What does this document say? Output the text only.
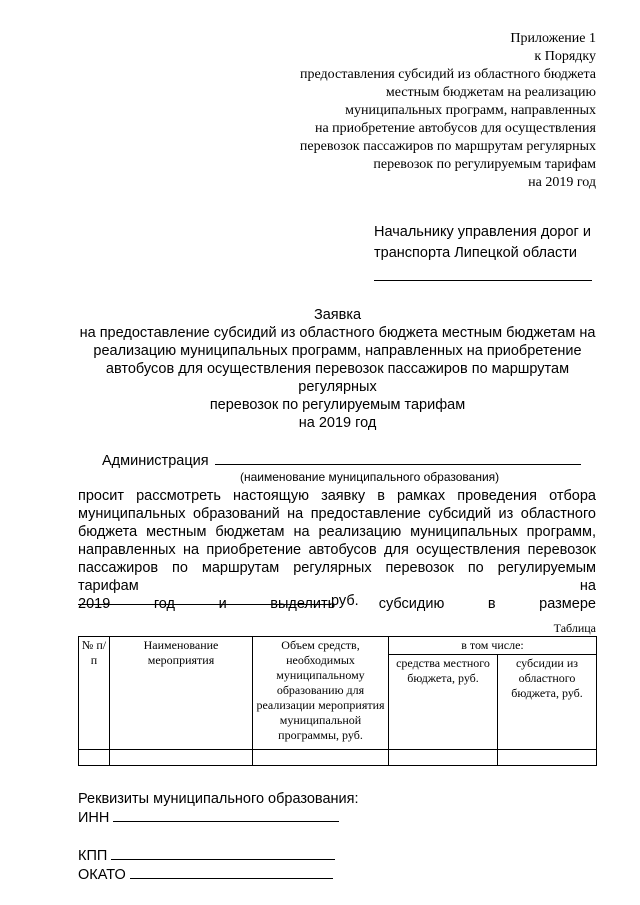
Приложение 1
к Порядку
предоставления субсидий из областного бюджета
местным бюджетам на реализацию
муниципальных программ, направленных
на приобретение автобусов для осуществления
перевозок пассажиров по маршрутам регулярных
перевозок по регулируемым тарифам
на 2019 год
Начальнику управления дорог и
транспорта Липецкой области
Заявка
на предоставление субсидий из областного бюджета местным бюджетам на
реализацию муниципальных программ, направленных на приобретение
автобусов для осуществления перевозок пассажиров по маршрутам регулярных
перевозок по регулируемым тарифам
на 2019 год
Администрация
(наименование муниципального образования)
просит рассмотреть настоящую заявку в рамках проведения отбора
муниципальных образований на предоставление субсидий из областного
бюджета местным бюджетам на реализацию муниципальных программ,
направленных на приобретение автобусов для осуществления перевозок
пассажиров по маршрутам регулярных перевозок по регулируемым тарифам на
2019	год	и	выделить	субсидию	в	размере
руб.
Таблица
№ п/п	Наименование мероприятия	Объем средств, необходимых муниципальному образованию для реализации мероприятия муниципальной программы, руб.	в том числе:	
			средства местного бюджета, руб.	субсидии из областного бюджета, руб.

Реквизиты муниципального образования:
ИНН
КПП
ОКАТО
